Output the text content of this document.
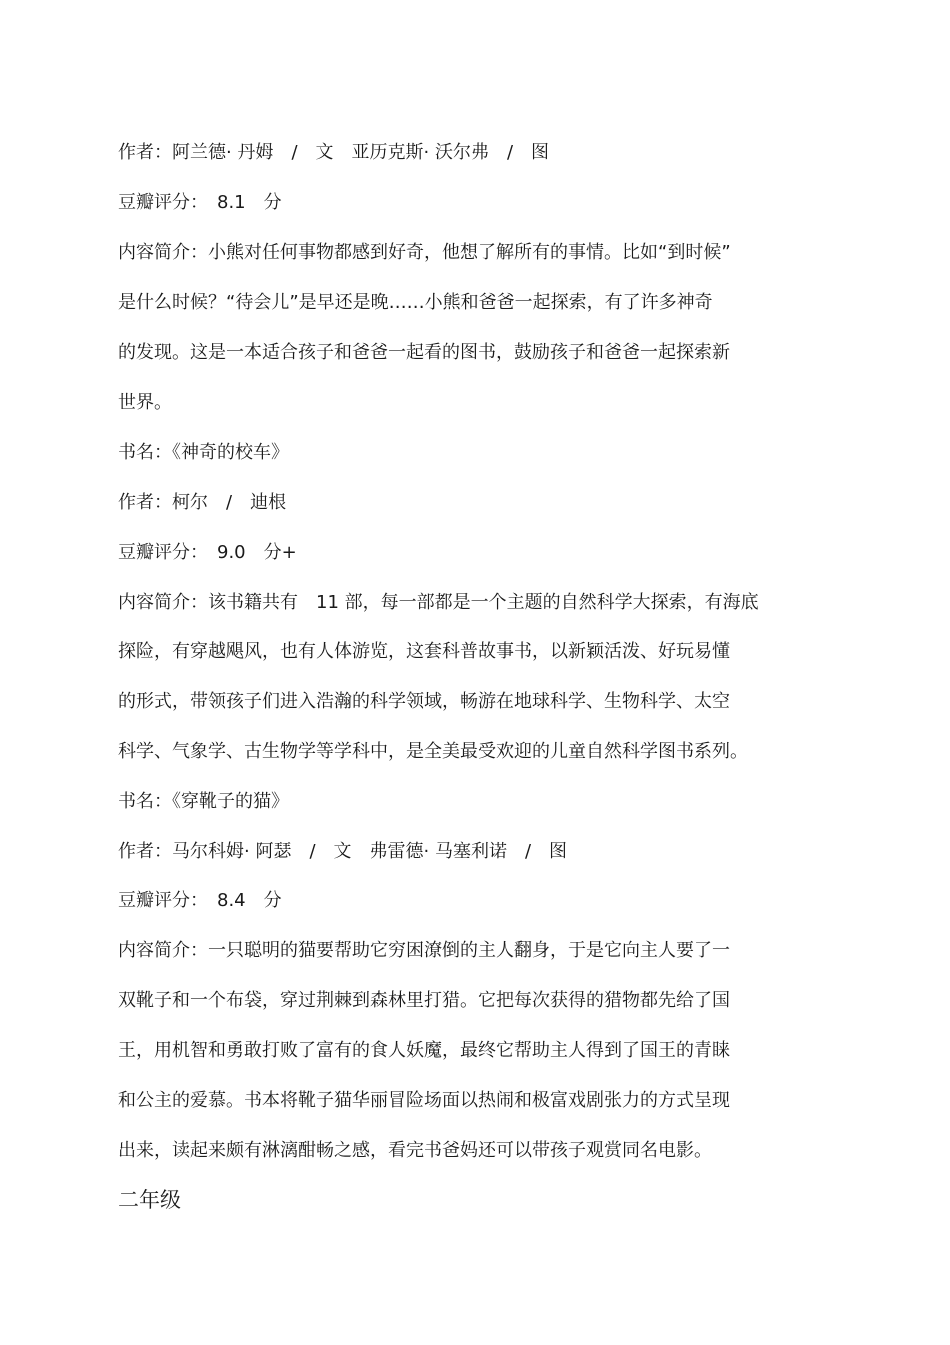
作者：阿兰德· 丹姆　/　文　亚历克斯· 沃尔弗　/　图

豆瓣评分：　8.1　分

内容简介：小熊对任何事物都感到好奇，他想了解所有的事情。比如“到时候”

是什么时候？“待会儿”是早还是晚……小熊和爸爸一起探索，有了许多神奇

的发现。这是一本适合孩子和爸爸一起看的图书，鼓励孩子和爸爸一起探索新

世界。

书名：《神奇的校车》

作者：柯尔　/　迪根

豆瓣评分：　9.0　分+

内容简介：该书籍共有　11 部，每一部都是一个主题的自然科学大探索，有海底

探险，有穿越飓风，也有人体游览，这套科普故事书，以新颖活泼、好玩易懂

的形式，带领孩子们进入浩瀚的科学领域，畅游在地球科学、生物科学、太空

科学、气象学、古生物学等学科中，是全美最受欢迎的儿童自然科学图书系列。

书名：《穿靴子的猫》

作者：马尔科姆· 阿瑟　/　文　弗雷德· 马塞利诺　/　图

豆瓣评分：　8.4　分

内容简介：一只聪明的猫要帮助它穷困潦倒的主人翻身，于是它向主人要了一

双靴子和一个布袋，穿过荆棘到森林里打猎。它把每次获得的猎物都先给了国

王，用机智和勇敢打败了富有的食人妖魔，最终它帮助主人得到了国王的青睐

和公主的爱慕。书本将靴子猫华丽冒险场面以热闹和极富戏剧张力的方式呈现

出来，读起来颇有淋漓酣畅之感，看完书爸妈还可以带孩子观赏同名电影。

二年级
